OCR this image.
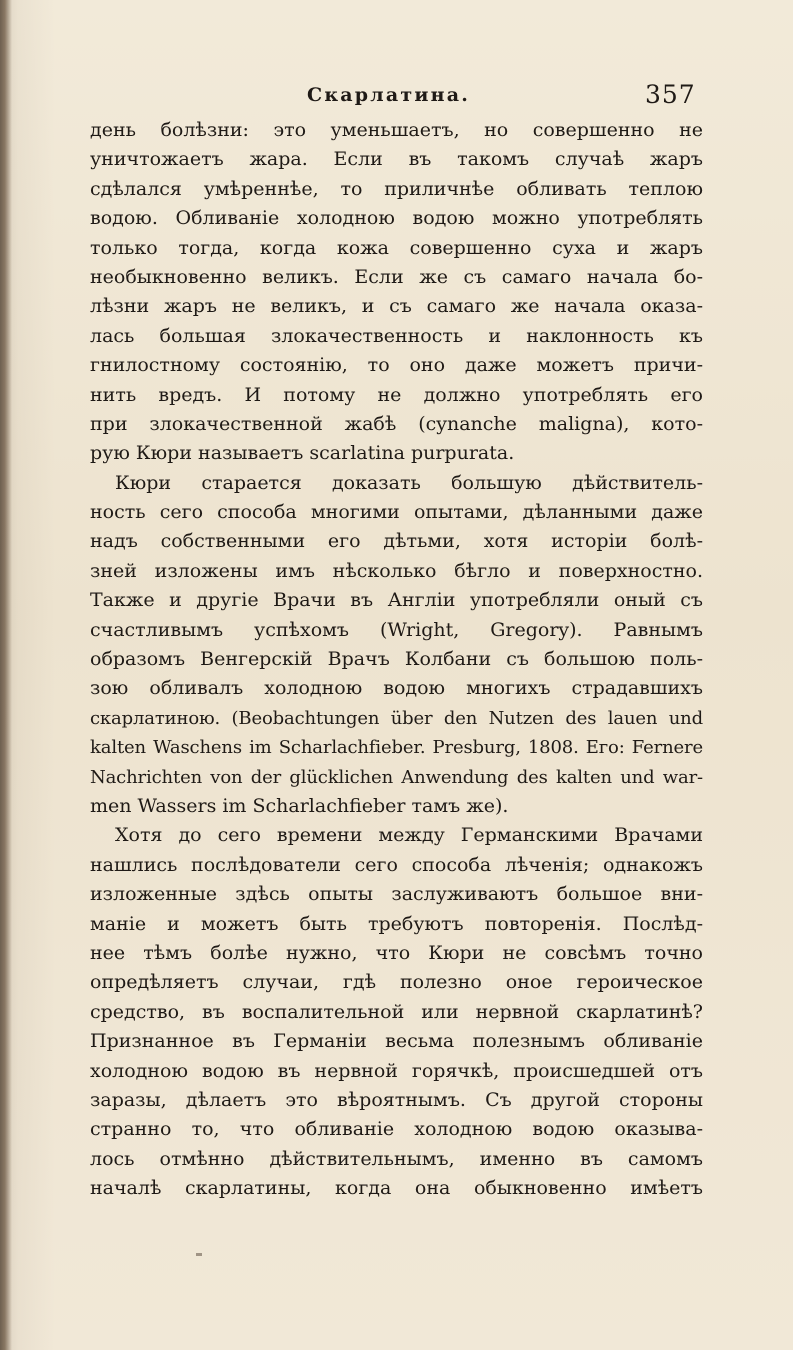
Скарлатина.	357
день болѣзни: это уменьшаетъ, но совершенно не
уничтожаетъ жара. Если въ такомъ случаѣ жаръ
сдѣлался умѣреннѣе, то приличнѣе обливать теплою
водою. Обливаніе холодною водою можно употреблять
только тогда, когда кожа совершенно суха и жаръ
необыкновенно великъ. Если же съ самаго начала бо-
лѣзни жаръ не великъ, и съ самаго же начала оказа-
лась большая злокачественность и наклонность къ
гнилостному состоянію, то оно даже можетъ причи-
нить вредъ. И потому не должно употреблять его
при злокачественной жабѣ (cynanche maligna), кото-
рую Кюри называетъ scarlatina purpurata.
Кюри старается доказать большую дѣйствитель-
ность сего способа многими опытами, дѣланными даже
надъ собственными его дѣтьми, хотя исторіи болѣ-
зней изложены имъ нѣсколько бѣгло и поверхностно.
Также и другіе Врачи въ Англіи употребляли оный съ
счастливымъ успѣхомъ (Wright, Gregory). Равнымъ
образомъ Венгерскій Врачъ Колбани съ большою поль-
зою обливалъ холодною водою многихъ страдавшихъ
скарлатиною. (Beobachtungen über den Nutzen des lauen und
kalten Waschens im Scharlachfieber. Presburg, 1808. Его: Fernere
Nachrichten von der glücklichen Anwendung des kalten und war-
men Wassers im Scharlachfieber тамъ же).
Хотя до сего времени между Германскими Врачами
нашлись послѣдователи сего способа лѣченія; однакожъ
изложенные здѣсь опыты заслуживаютъ большое вни-
маніе и можетъ быть требуютъ повторенія. Послѣд-
нее тѣмъ болѣе нужно, что Кюри не совсѣмъ точно
опредѣляетъ случаи, гдѣ полезно оное героическое
средство, въ воспалительной или нервной скарлатинѣ?
Признанное въ Германіи весьма полезнымъ обливаніе
холодною водою въ нервной горячкѣ, происшедшей отъ
заразы, дѣлаетъ это вѣроятнымъ. Съ другой стороны
странно то, что обливаніе холодною водою оказыва-
лось отмѣнно дѣйствительнымъ, именно въ самомъ
началѣ скарлатины, когда она обыкновенно имѣетъ
